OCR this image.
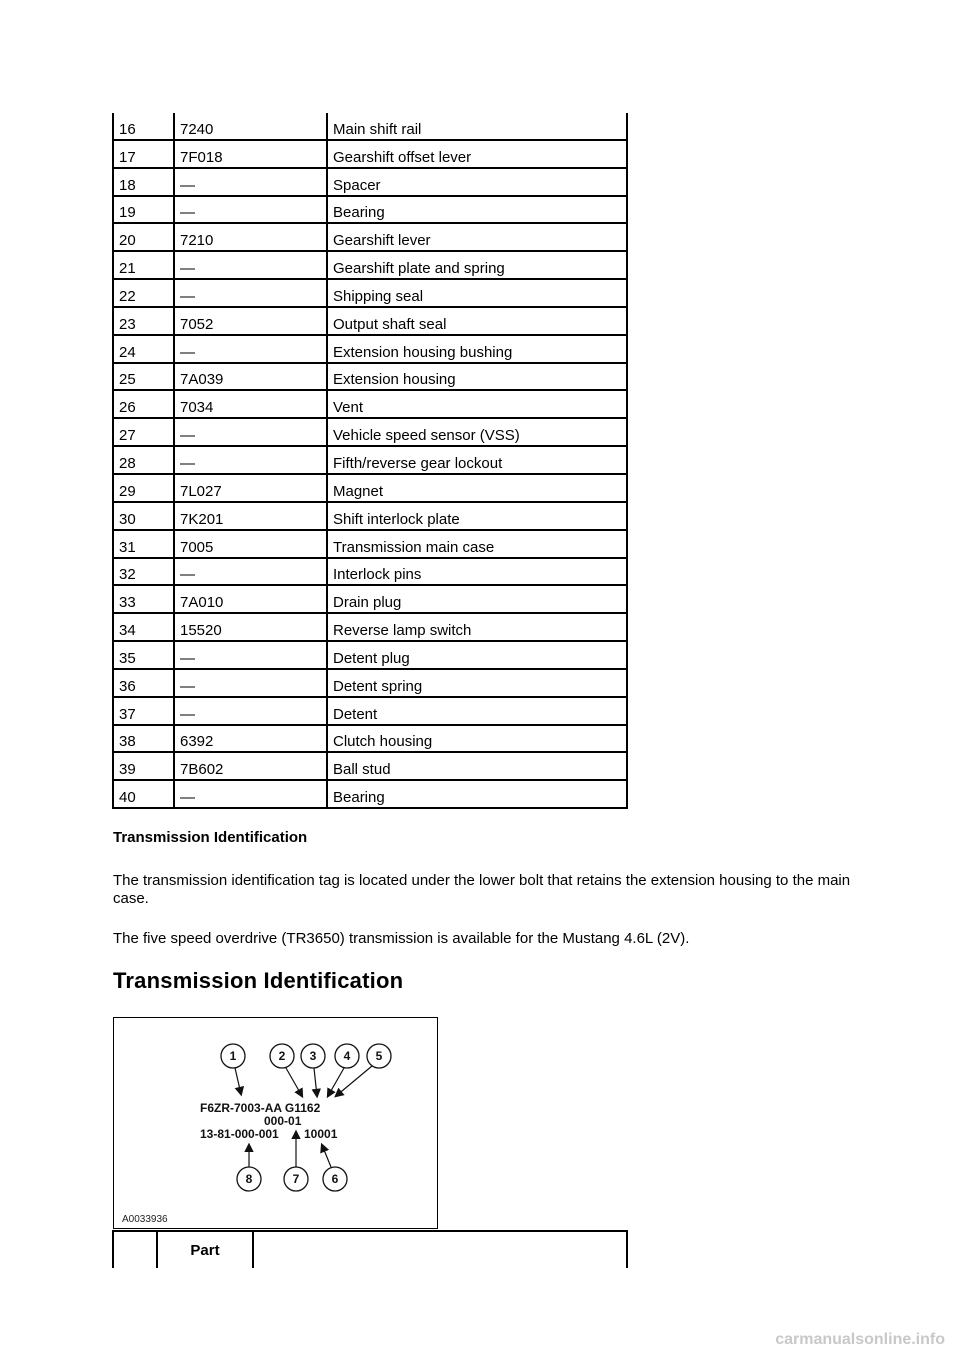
16	7240	Main shift rail
17	7F018	Gearshift offset lever
18	—	Spacer
19	—	Bearing
20	7210	Gearshift lever
21	—	Gearshift plate and spring
22	—	Shipping seal
23	7052	Output shaft seal
24	—	Extension housing bushing
25	7A039	Extension housing
26	7034	Vent
27	—	Vehicle speed sensor (VSS)
28	—	Fifth/reverse gear lockout
29	7L027	Magnet
30	7K201	Shift interlock plate
31	7005	Transmission main case
32	—	Interlock pins
33	7A010	Drain plug
34	15520	Reverse lamp switch
35	—	Detent plug
36	—	Detent spring
37	—	Detent
38	6392	Clutch housing
39	7B602	Ball stud
40	—	Bearing
Transmission Identification

The transmission identification tag is located under the lower bolt that retains the extension housing to the main case.

The five speed overdrive (TR3650) transmission is available for the Mustang 4.6L (2V).

Transmission Identification
1	2 3 4 5
8	7	6
F6ZR-7003-AA G1162
000-01
13-81-000-001 10001
A0033936
	Part	
carmanualsonline.info
